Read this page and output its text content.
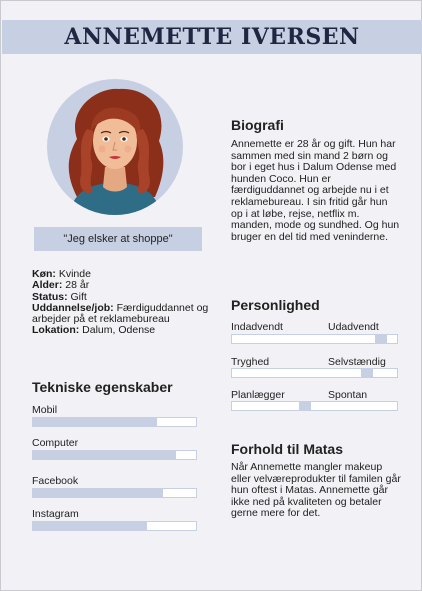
ANNEMETTE IVERSEN
"Jeg elsker at shoppe"
Køn: Kvinde
Alder: 28 år
Status: Gift
Uddannelse/job: Færdiguddannet og arbejder på et reklamebureau
Lokation: Dalum, Odense
Tekniske egenskaber
Mobil
Computer
Facebook
Instagram
Biografi
Annemette er 28 år og gift. Hun har sammen med sin mand 2 børn og bor i eget hus i Dalum Odense med hunden Coco. Hun er færdiguddannet og arbejde nu i et reklamebureau. I sin fritid går hun op i at løbe, rejse, netflix m. manden, mode og sundhed. Og hun bruger en del tid med veninderne.
Personlighed
Indadvendt	Udadvendt
Tryghed	Selvstændig
Planlægger	Spontan
Forhold til Matas
Når Annemette mangler makeup eller velværeprodukter til familen går hun oftest i Matas. Annemette går ikke ned på kvaliteten og betaler gerne mere for det.
